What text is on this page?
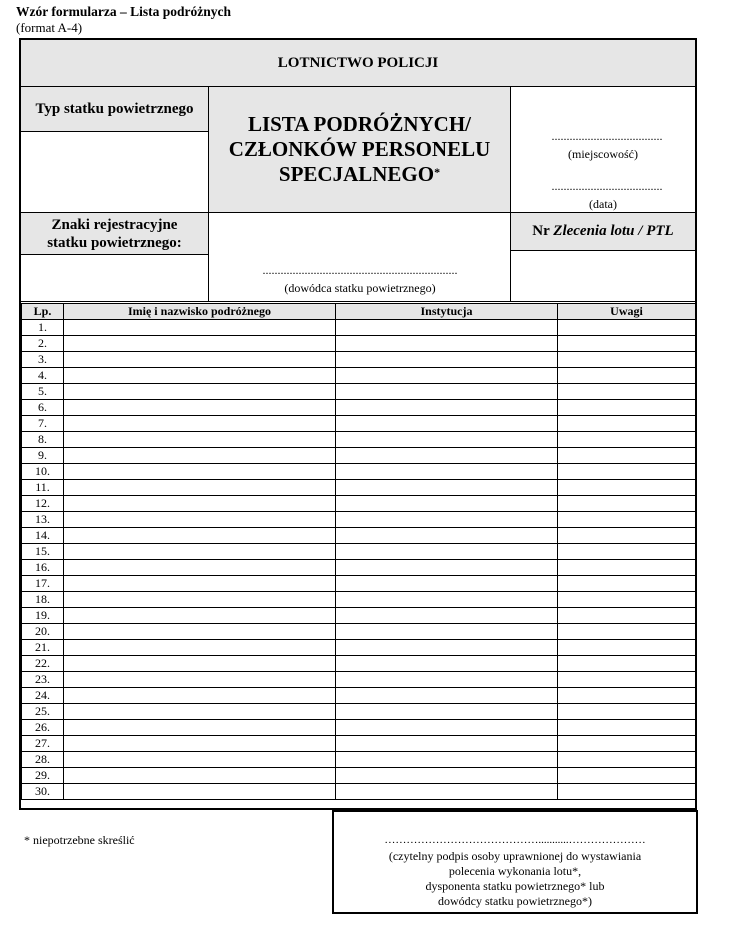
Wzór formularza – Lista podróżnych
(format A-4)
LOTNICTWO POLICJI
Typ statku powietrznego
LISTA PODRÓŻNYCH/
CZŁONKÓW PERSONELU
SPECJALNEGO*
.....................................
(miejscowość)
.....................................
(data)
Znaki rejestracyjne
statku powietrznego:
.................................................................
(dowódca statku powietrznego)
Nr Zlecenia lotu / PTL
Lp.	Imię i nazwisko podróżnego	Instytucja	Uwagi
1.			
2.			
3.			
4.			
5.			
6.			
7.			
8.			
9.			
10.			
11.			
12.			
13.			
14.			
15.			
16.			
17.			
18.			
19.			
20.			
21.			
22.			
23.			
24.			
25.			
26.			
27.			
28.			
29.			
30.			
* niepotrzebne skreślić	……………………………………...........…………………
(czytelny podpis osoby uprawnionej do wystawiania
polecenia wykonania lotu*,
dysponenta statku powietrznego* lub
dowódcy statku powietrznego*)
